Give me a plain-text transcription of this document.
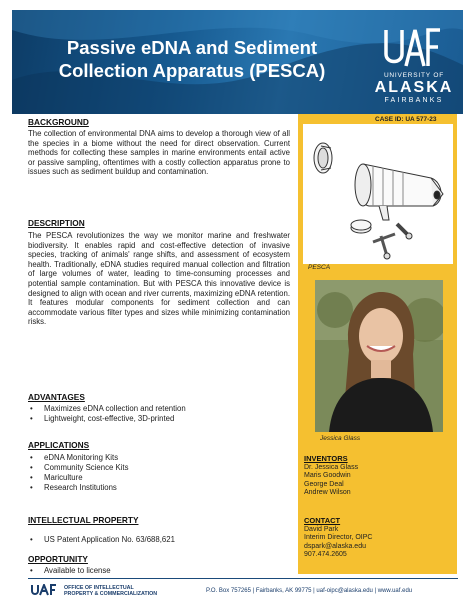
Passive eDNA and Sediment
Collection Apparatus (PESCA)	UNIVERSITY OF
ALASKA
FAIRBANKS
CASE ID: UA 577-23
PESCA
Jessica Glass
INVENTORS
Dr. Jessica Glass
Maris Goodwin
George Deal
Andrew Wilson
CONTACT
David Park
Interim Director, OIPC
dspark@alaska.edu
907.474.2605
BACKGROUND
The collection of environmental DNA aims to develop a thorough view of all the species in a biome without the need for direct observation. Current methods for collecting these samples in marine environments entail active or passive sampling, oftentimes with a costly collection apparatus prone to issues such as sediment buildup and contamination.
DESCRIPTION
The PESCA revolutionizes the way we monitor marine and freshwater biodiversity. It enables rapid and cost-effective detection of invasive species, tracking of animals' range shifts, and assessment of ecosystem health. Traditionally, eDNA studies required manual collection and filtration of large volumes of water, leading to time-consuming processes and potential sample contamination. But with PESCA this innovative device is designed to align with ocean and river currents, maximizing eDNA retention. It features modular components for sediment collection and can accommodate various filter types and sizes while minimizing contamination risks.
ADVANTAGES
• Maximizes eDNA collection and retention
• Lightweight, cost-effective, 3D-printed
APPLICATIONS
• eDNA Monitoring Kits
• Community Science Kits
• Mariculture
• Research Institutions
INTELLECTUAL PROPERTY
• US Patent Application No. 63/688,621
OPPORTUNITY
• Available to license
OFFICE OF INTELLECTUAL
PROPERTY & COMMERCIALIZATION	P.O. Box 757265 | Fairbanks, AK 99775 | uaf-oipc@alaska.edu | www.uaf.edu
